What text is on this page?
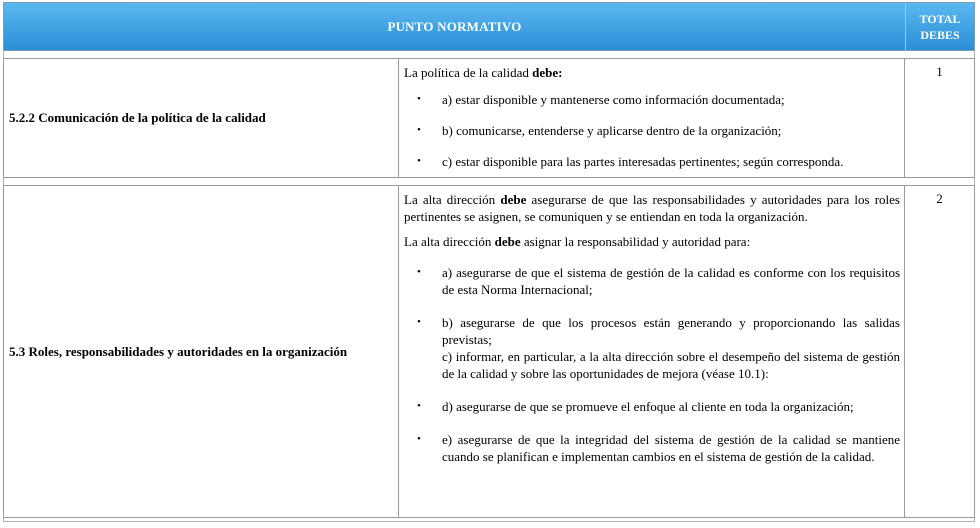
PUNTO NORMATIVO	TOTAL
DEBES
5.2.2 Comunicación de la política de la calidad

La política de la calidad debe:

• a) estar disponible y mantenerse como información documentada;
• b) comunicarse, entenderse y aplicarse dentro de la organización;
• c) estar disponible para las partes interesadas pertinentes; según corresponda.
1
5.3 Roles, responsabilidades y autoridades en la organización

La alta dirección debe asegurarse de que las responsabilidades y autoridades para los roles pertinentes se asignen, se comuniquen y se entiendan en toda la organización.

La alta dirección debe asignar la responsabilidad y autoridad para:

• a) asegurarse de que el sistema de gestión de la calidad es conforme con los requisitos de esta Norma Internacional;
• b) asegurarse de que los procesos están generando y proporcionando las salidas previstas;
c) informar, en particular, a la alta dirección sobre el desempeño del sistema de gestión de la calidad y sobre las oportunidades de mejora (véase 10.1):
• d) asegurarse de que se promueve el enfoque al cliente en toda la organización;
• e) asegurarse de que la integridad del sistema de gestión de la calidad se mantiene cuando se planifican e implementan cambios en el sistema de gestión de la calidad.
2
